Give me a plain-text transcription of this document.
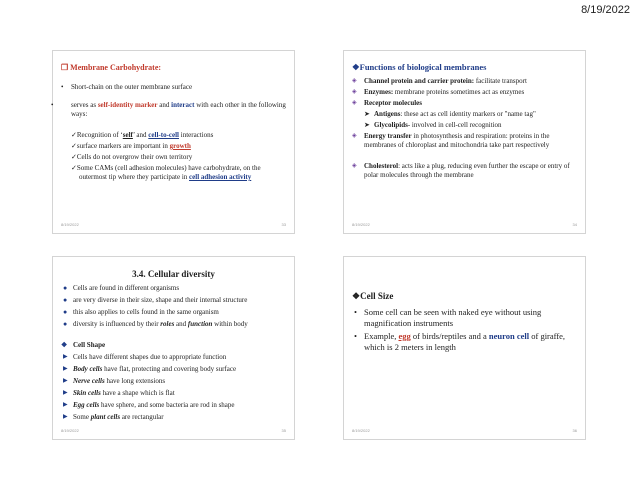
8/19/2022
❐ Membrane Carbohydrate:
• Short-chain on the outer membrane surface
•	serves as self-identity marker and interact with each other in the following ways:
✓Recognition of ‘self’ and cell-to-cell interactions
✓surface markers are important in growth
✓Cells do not overgrow their own territory
✓Some CAMs (cell adhesion molecules) have carbohydrate, on the outermost tip where they participate in cell adhesion activity
8/19/2022	33
❖Functions of biological membranes
◈ Channel protein and carrier protein: facilitate transport
◈ Enzymes: membrane proteins sometimes act as enzymes
◈ Receptor molecules
➤ Antigens: these act as cell identity markers or "name tag"
➤ Glycolipids- involved in cell-cell recognition
◈ Energy transfer in photosynthesis and respiration: proteins in the membranes of chloroplast and mitochondria take part respectively
◈ Cholesterol: acts like a plug, reducing even further the escape or entry of polar molecules through the membrane
8/19/2022	34
3.4. Cellular diversity
● Cells are found in different organisms
● are very diverse in their size, shape and their internal structure
● this also applies to cells found in the same organism
● diversity is influenced by their roles and function within body
❖ Cell Shape
▶ Cells have different shapes due to appropriate function
▶ Body cells have flat, protecting and covering body surface
▶ Nerve cells have long extensions
▶ Skin cells have a shape which is flat
▶ Egg cells have sphere, and some bacteria are rod in shape
▶ Some plant cells are rectangular
8/19/2022	35
❖Cell Size
• Some cell can be seen with naked eye without using magnification instruments
• Example, egg of birds/reptiles and a neuron cell of giraffe, which is 2 meters in length
8/19/2022	36
